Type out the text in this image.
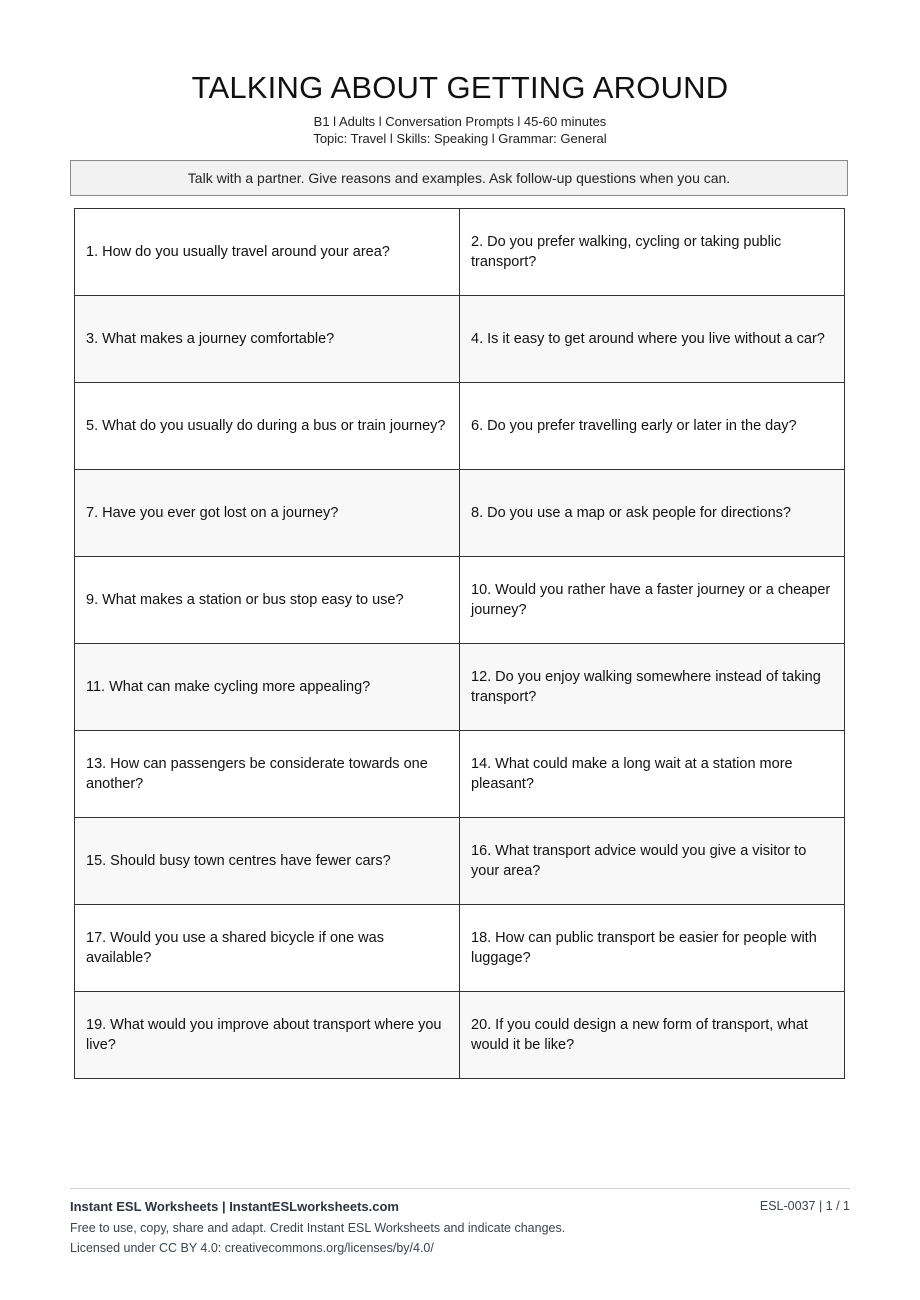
TALKING ABOUT GETTING AROUND
B1 l Adults l Conversation Prompts l 45-60 minutes
Topic: Travel l Skills: Speaking l Grammar: General
Talk with a partner. Give reasons and examples. Ask follow-up questions when you can.
1. How do you usually travel around your area?	2. Do you prefer walking, cycling or taking public transport?
3. What makes a journey comfortable?	4. Is it easy to get around where you live without a car?
5. What do you usually do during a bus or train journey?	6. Do you prefer travelling early or later in the day?
7. Have you ever got lost on a journey?	8. Do you use a map or ask people for directions?
9. What makes a station or bus stop easy to use?	10. Would you rather have a faster journey or a cheaper journey?
11. What can make cycling more appealing?	12. Do you enjoy walking somewhere instead of taking transport?
13. How can passengers be considerate towards one another?	14. What could make a long wait at a station more pleasant?
15. Should busy town centres have fewer cars?	16. What transport advice would you give a visitor to your area?
17. Would you use a shared bicycle if one was available?	18. How can public transport be easier for people with luggage?
19. What would you improve about transport where you live?	20. If you could design a new form of transport, what would it be like?
Instant ESL Worksheets | InstantESLworksheets.com	ESL-0037 | 1 / 1
Free to use, copy, share and adapt. Credit Instant ESL Worksheets and indicate changes.
Licensed under CC BY 4.0: creativecommons.org/licenses/by/4.0/
